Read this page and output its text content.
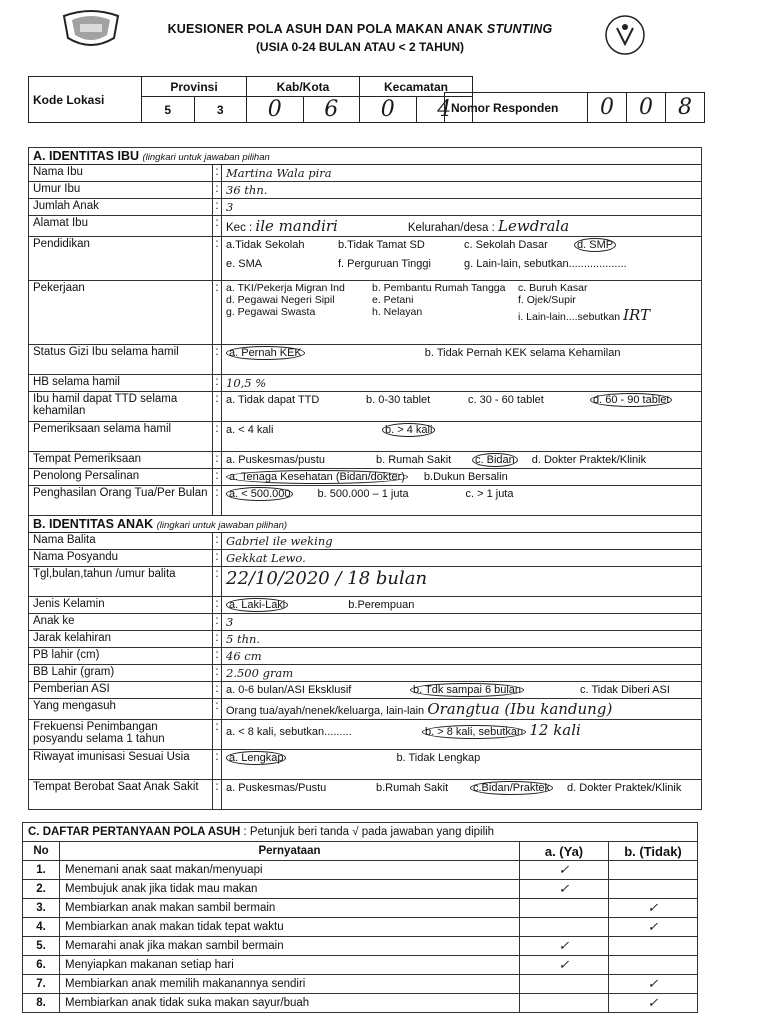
KUESIONER POLA ASUH DAN POLA MAKAN ANAK STUNTING
(USIA 0-24 BULAN ATAU < 2 TAHUN)
Kode Lokasi	Provinsi		Kab/Kota		Kecamatan	
	5	3	0	6	0	4 Nomor Responden	0	0	8
A. IDENTITAS IBU (lingkari untuk jawaban pilihan		
Nama Ibu	:	Martina Wala pira
Umur Ibu	:	36 thn.
Jumlah Anak	:	3
Alamat Ibu	:	Kec : ile mandiri Kelurahan/desa : Lewdrala
Pendidikan	:	a.Tidak Sekolah b.Tidak Tamat SD c. Sekolah Dasar d. SMP
e. SMA f. Perguruan Tinggi g. Lain-lain, sebutkan...................
Pekerjaan	:	a. TKI/Pekerja Migran Ind b. Pembantu Rumah Tangga c. Buruh Kasar d. Pegawai Negeri Sipil e. Petani f. Ojek/Supir g. Pegawai Swasta h. Nelayan i. Lain-lain....sebutkan IRT
Status Gizi Ibu selama hamil	:	a. Pernah KEK b. Tidak Pernah KEK selama Kehamilan
HB selama hamil	:	10,5 %
Ibu hamil dapat TTD selama kehamilan	:	a. Tidak dapat TTD b. 0-30 tablet c. 30 - 60 tablet d. 60 - 90 tablet
Pemeriksaan selama hamil	:	a. < 4 kali b. > 4 kali
Tempat Pemeriksaan	:	a. Puskesmas/pustu b. Rumah Sakit c. Bidan d. Dokter Praktek/Klinik
Penolong Persalinan	:	a. Tenaga Kesehatan (Bidan/dokter) b.Dukun Bersalin
Penghasilan Orang Tua/Per Bulan	:	a. < 500.000 b. 500.000 – 1 juta c. > 1 juta
B. IDENTITAS ANAK (lingkari untuk jawaban pilihan)		
Nama Balita	:	Gabriel ile weking
Nama Posyandu	:	Gekkat Lewo.
Tgl,bulan,tahun /umur balita	:	22/10/2020 / 18 bulan
Jenis Kelamin	:	a. Laki-Laki b.Perempuan
Anak ke	:	3
Jarak kelahiran	:	5 thn.
PB lahir (cm)	:	46 cm
BB Lahir (gram)	:	2.500 gram
Pemberian ASI	:	a. 0-6 bulan/ASI Eksklusif b. Tdk sampai 6 bulan c. Tidak Diberi ASI
Yang mengasuh	:	Orang tua/ayah/nenek/keluarga, lain-lain Orangtua (Ibu kandung)
Frekuensi Penimbangan posyandu selama 1 tahun	:	a. < 8 kali, sebutkan......... b. > 8 kali, sebutkan 12 kali
Riwayat imunisasi Sesuai Usia	:	a. Lengkap b. Tidak Lengkap
Tempat Berobat Saat Anak Sakit	:	a. Puskesmas/Pustu b.Rumah Sakit c.Bidan/Praktek d. Dokter Praktek/Klinik
C. DAFTAR PERTANYAAN POLA ASUH : Petunjuk beri tanda √ pada jawaban yang dipilih			
No	Pernyataan	a. (Ya)	b. (Tidak)
1.	Menemani anak saat makan/menyuapi	✓	
2.	Membujuk anak jika tidak mau makan	✓	
3.	Membiarkan anak makan sambil bermain		✓
4.	Membiarkan anak makan tidak tepat waktu		✓
5.	Memarahi anak jika makan sambil bermain	✓	
6.	Menyiapkan makanan setiap hari	✓	
7.	Membiarkan anak memilih makanannya sendiri		✓
8.	Membiarkan anak tidak suka makan sayur/buah		✓
